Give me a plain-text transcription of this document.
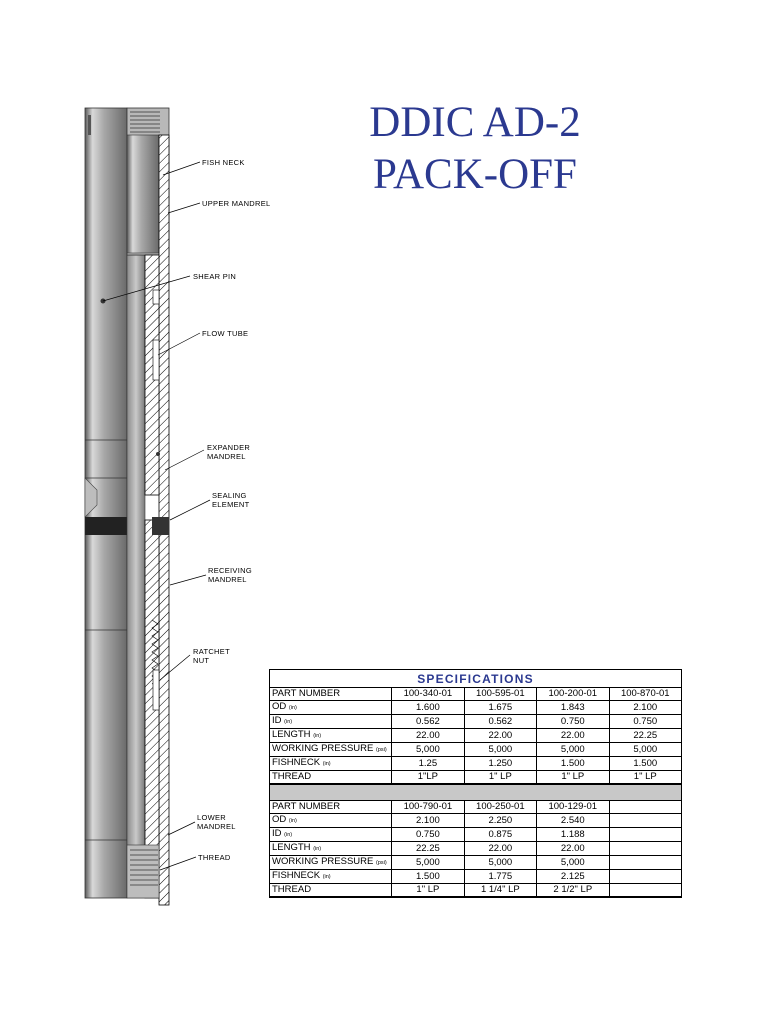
FISH NECK
UPPER MANDREL
SHEAR PIN
FLOW TUBE
EXPANDER
MANDREL
SEALING
ELEMENT
RECEIVING
MANDREL
RATCHET
NUT
LOWER
MANDREL
THREAD
DDIC AD-2
PACK-OFF
SPECIFICATIONS				
PART NUMBER	100-340-01	100-595-01	100-200-01	100-870-01
OD (in)	1.600	1.675	1.843	2.100
ID (in)	0.562	0.562	0.750	0.750
LENGTH (in)	22.00	22.00	22.00	22.25
WORKING PRESSURE (psi)	5,000	5,000	5,000	5,000
FISHNECK (in)	1.25	1.250	1.500	1.500
THREAD	1"LP	1" LP	1" LP	1" LP

PART NUMBER	100-790-01	100-250-01	100-129-01	
OD (in)	2.100	2.250	2.540	
ID (in)	0.750	0.875	1.188	
LENGTH (in)	22.25	22.00	22.00	
WORKING PRESSURE (psi)	5,000	5,000	5,000	
FISHNECK (in)	1.500	1.775	2.125	
THREAD	1" LP	1 1/4" LP	2 1/2" LP	
